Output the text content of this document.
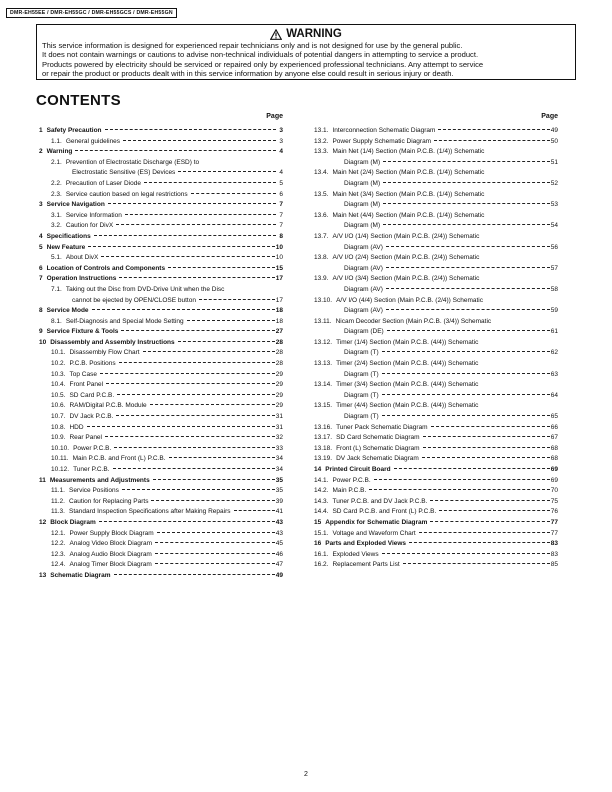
DMR-EH55EE / DMR-EH55GC / DMR-EH55GCS / DMR-EH55GN
WARNING
This service information is designed for experienced repair technicians only and is not designed for use by the general public.
It does not contain warnings or cautions to advise non-technical individuals of potential dangers in attempting to service a product.
Products powered by electricity should be serviced or repaired only by experienced professional technicians. Any attempt to service
or repair the product or products dealt with in this service information by anyone else could result in serious injury or death.
CONTENTS
Page
1 Safety Precaution	3
1.1. General guidelines	3
2 Warning	4
2.1. Prevention of Electrostatic Discharge (ESD) to
Electrostatic Sensitive (ES) Devices	4
2.2. Precaution of Laser Diode	5
2.3. Service caution based on legal restrictions	6
3 Service Navigation	7
3.1. Service Information	7
3.2. Caution for DivX	7
4 Specifications	8
5 New Feature	10
5.1. About DivX	10
6 Location of Controls and Components	15
7 Operation Instructions	17
7.1. Taking out the Disc from DVD-Drive Unit when the Disc
cannot be ejected by OPEN/CLOSE button	17
8 Service Mode	18
8.1. Self-Diagnosis and Special Mode Setting	18
9 Service Fixture & Tools	27
10 Disassembly and Assembly Instructions	28
10.1. Disassembly Flow Chart	28
10.2. P.C.B. Positions	28
10.3. Top Case	29
10.4. Front Panel	29
10.5. SD Card P.C.B.	29
10.6. RAM/Digital P.C.B. Module	29
10.7. DV Jack P.C.B.	31
10.8. HDD	31
10.9. Rear Panel	32
10.10. Power P.C.B.	33
10.11. Main P.C.B. and Front (L) P.C.B.	34
10.12. Tuner P.C.B.	34
11 Measurements and Adjustments	35
11.1. Service Positions	35
11.2. Caution for Replacing Parts	39
11.3. Standard Inspection Specifications after Making Repairs	41
12 Block Diagram	43
12.1. Power Supply Block Diagram	43
12.2. Analog Video Block Diagram	45
12.3. Analog Audio Block Diagram	46
12.4. Analog Timer Block Diagram	47
13 Schematic Diagram	49
Page
13.1. Interconnection Schematic Diagram	49
13.2. Power Supply Schematic Diagram	50
13.3. Main Net (1/4) Section (Main P.C.B. (1/4)) Schematic
Diagram (M)	51
13.4. Main Net (2/4) Section (Main P.C.B. (1/4)) Schematic
Diagram (M)	52
13.5. Main Net (3/4) Section (Main P.C.B. (1/4)) Schematic
Diagram (M)	53
13.6. Main Net (4/4) Section (Main P.C.B. (1/4)) Schematic
Diagram (M)	54
13.7. A/V I/O (1/4) Section (Main P.C.B. (2/4)) Schematic
Diagram (AV)	56
13.8. A/V I/O (2/4) Section (Main P.C.B. (2/4)) Schematic
Diagram (AV)	57
13.9. A/V I/O (3/4) Section (Main P.C.B. (2/4)) Schematic
Diagram (AV)	58
13.10. A/V I/O (4/4) Section (Main P.C.B. (2/4)) Schematic
Diagram (AV)	59
13.11. Nicam Decoder Section (Main P.C.B. (3/4)) Schematic
Diagram (DE)	61
13.12. Timer (1/4) Section (Main P.C.B. (4/4)) Schematic
Diagram (T)	62
13.13. Timer (2/4) Section (Main P.C.B. (4/4)) Schematic
Diagram (T)	63
13.14. Timer (3/4) Section (Main P.C.B. (4/4)) Schematic
Diagram (T)	64
13.15. Timer (4/4) Section (Main P.C.B. (4/4)) Schematic
Diagram (T)	65
13.16. Tuner Pack Schematic Diagram	66
13.17. SD Card Schematic Diagram	67
13.18. Front (L) Schematic Diagram	68
13.19. DV Jack Schematic Diagram	68
14 Printed Circuit Board	69
14.1. Power P.C.B.	69
14.2. Main P.C.B.	70
14.3. Tuner P.C.B. and DV Jack P.C.B.	75
14.4. SD Card P.C.B. and Front (L) P.C.B.	76
15 Appendix for Schematic Diagram	77
15.1. Voltage and Waveform Chart	77
16 Parts and Exploded Views	83
16.1. Exploded Views	83
16.2. Replacement Parts List	85
2
